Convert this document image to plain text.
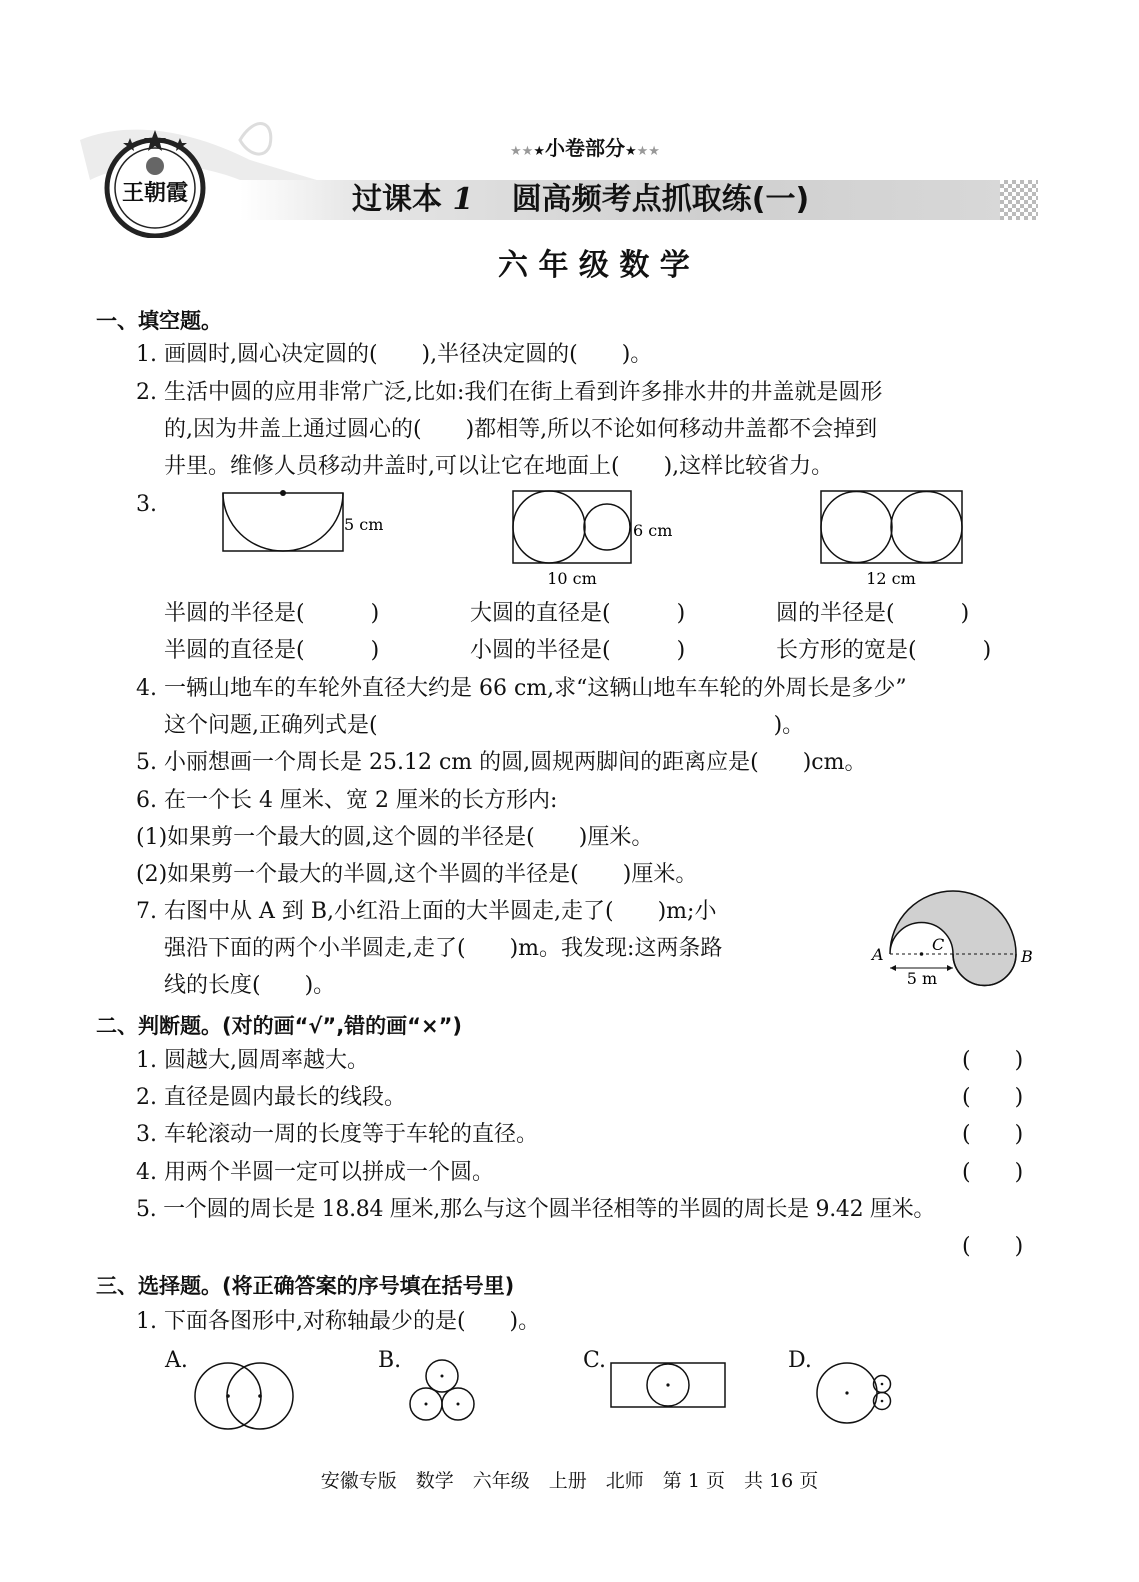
王朝霞
★★★小卷部分★★★
过课本 1 圆高频考点抓取练(一)
六 年 级 数 学
一、填空题。
1. 画圆时,圆心决定圆的(　　),半径决定圆的(　　)。
2. 生活中圆的应用非常广泛,比如:我们在街上看到许多排水井的井盖就是圆形
的,因为井盖上通过圆心的(　　)都相等,所以不论如何移动井盖都不会掉到
井里。维修人员移动井盖时,可以让它在地面上(　　),这样比较省力。
3.
5 cm	6 cm
10 cm	12 cm
半圆的半径是(　　　)	大圆的直径是(　　　)	圆的半径是(　　　)
半圆的直径是(　　　)	小圆的半径是(　　　)	长方形的宽是(　　　)
4. 一辆山地车的车轮外直径大约是 66 cm,求“这辆山地车车轮的外周长是多少”
这个问题,正确列式是(　　　　　　　　　　　　　　　　　　)。
5. 小丽想画一个周长是 25.12 cm 的圆,圆规两脚间的距离应是(　　)cm。
6. 在一个长 4 厘米、宽 2 厘米的长方形内:
(1)如果剪一个最大的圆,这个圆的半径是(　　)厘米。
(2)如果剪一个最大的半圆,这个半圆的半径是(　　)厘米。
7. 右图中从 A 到 B,小红沿上面的大半圆走,走了(　　)m;小
强沿下面的两个小半圆走,走了(　　)m。我发现:这两条路
线的长度(　　)。
A	B
C
5 m
二、判断题。(对的画“√”,错的画“×”)
1. 圆越大,圆周率越大。	(　　)
2. 直径是圆内最长的线段。	(　　)
3. 车轮滚动一周的长度等于车轮的直径。	(　　)
4. 用两个半圆一定可以拼成一个圆。	(　　)
5. 一个圆的周长是 18.84 厘米,那么与这个圆半径相等的半圆的周长是 9.42 厘米。
(　　)
三、选择题。(将正确答案的序号填在括号里)
1. 下面各图形中,对称轴最少的是(　　)。
A.	B.	C.	D.
安徽专版　数学　六年级　上册　北师　第 1 页　共 16 页
